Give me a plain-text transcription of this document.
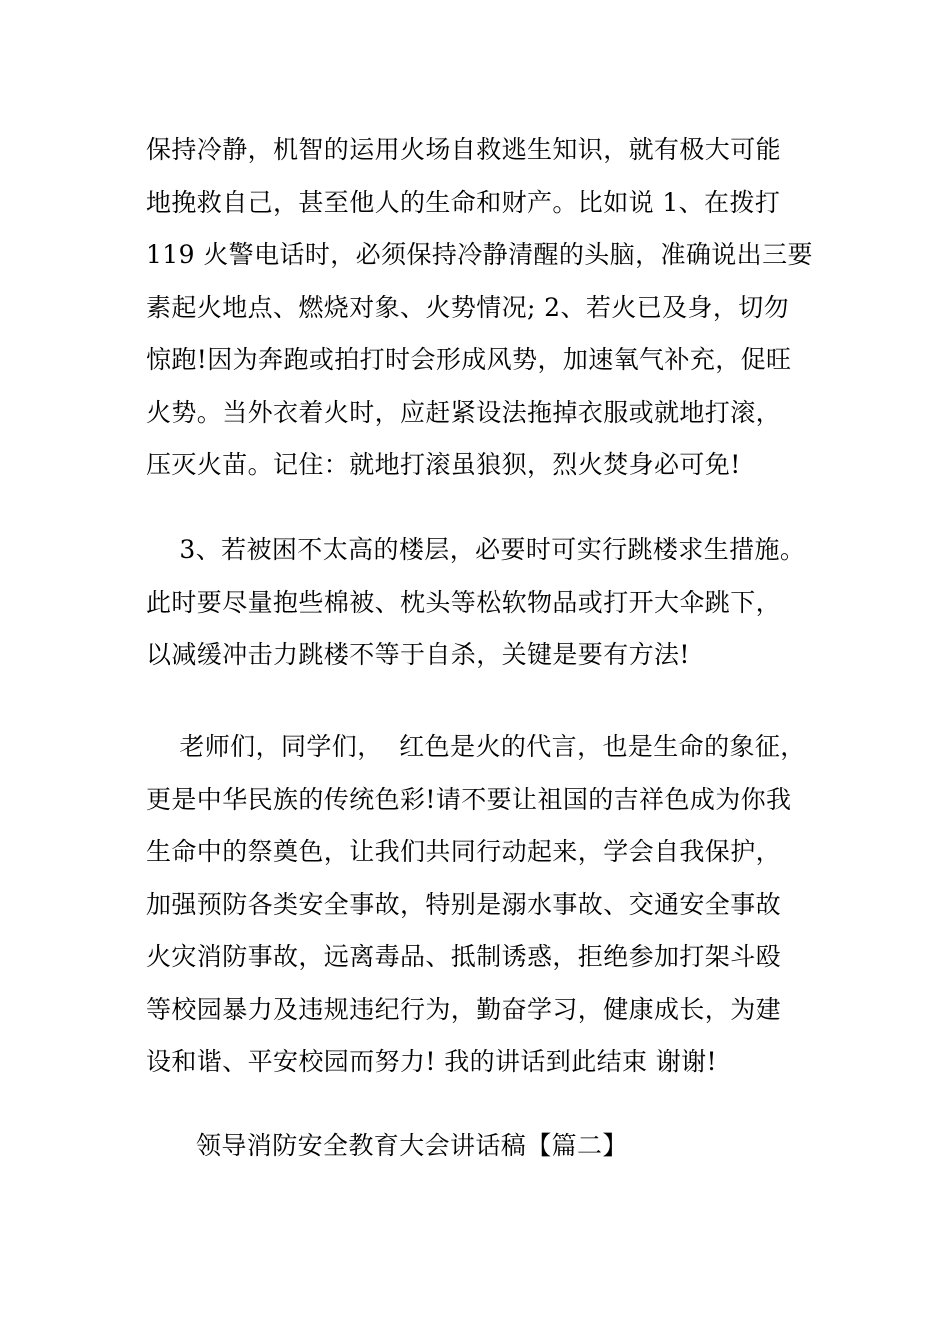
保持冷静，机智的运用火场自救逃生知识，就有极大可能
地挽救自己，甚至他人的生命和财产。比如说 1、在拨打
119 火警电话时，必须保持冷静清醒的头脑，准确说出三要
素起火地点、燃烧对象、火势情况; 2、若火已及身，切勿
惊跑!因为奔跑或拍打时会形成风势，加速氧气补充，促旺
火势。当外衣着火时，应赶紧设法拖掉衣服或就地打滚，
压灭火苗。记住：就地打滚虽狼狈，烈火焚身必可免!
3、若被困不太高的楼层，必要时可实行跳楼求生措施。
此时要尽量抱些棉被、枕头等松软物品或打开大伞跳下，
以减缓冲击力跳楼不等于自杀，关键是要有方法!
老师们，同学们，  红色是火的代言，也是生命的象征，
更是中华民族的传统色彩!请不要让祖国的吉祥色成为你我
生命中的祭奠色，让我们共同行动起来，学会自我保护，
加强预防各类安全事故，特别是溺水事故、交通安全事故
火灾消防事故，远离毒品、抵制诱惑，拒绝参加打架斗殴
等校园暴力及违规违纪行为，勤奋学习，健康成长，为建
设和谐、平安校园而努力! 我的讲话到此结束 谢谢!

领导消防安全教育大会讲话稿【篇二】
